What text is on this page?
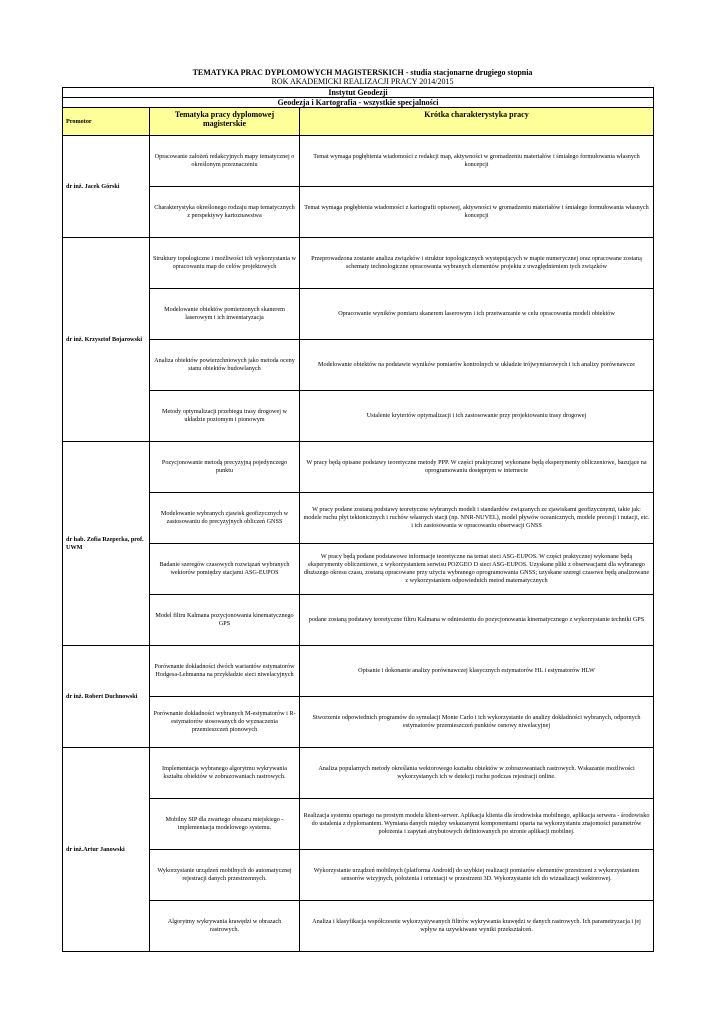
TEMATYKA PRAC DYPLOMOWYCH MAGISTERSKICH - studia stacjonarne drugiego stopnia
ROK AKADEMICKI REALIZACJI PRACY 2014/2015
Instytut Geodezji		
Geodezja i Kartografia - wszystkie specjalności		
Promotor	Tematyka pracy dyplomowej magisterskie	Krótka charakterystyka pracy
dr inż. Jacek Górski	Opracowanie założeń redakcyjnych mapy tematycznej o określonym przeznaczeniu	Temat wymaga pogłębienia wiadomości z redakcji map, aktywności w gromadzeniu materiałów i śmiałego formułowania własnych koncepcji
	Charakterystyka określonego rodzaju map tematycznych z perspektywy kartoznawstwa	Temat wymaga pogłębienia wiadomości z kartografii opisowej, aktywności w gromadzeniu materiałów i śmiałego formułowania własnych koncepcji
dr inż. Krzysztof Bojarowski	Struktury topologiczne i możliwości ich wykorzystania w opracowaniu map do celów projektowych	Przeprowadzona zostanie analiza związków i struktur topologicznych występujących w mapie numerycznej oraz opracowane zostaną schematy technologiczne opracowania wybranych elementów projektu z uwzględnieniem tych związków
	Modelowanie obiektów pomierzonych skanerem laserowym i ich inwentaryzacja	Opracowanie wyników pomiaru skanerem laserowym i ich przetwarzanie w celu opracowania modeli obiektów
	Analiza obiektów powierzchniowych jako metoda oceny stanu obiektów budowlanych	Modelowanie obiektów na podstawie wyników pomiarów kontrolnych w układzie trójwymiarowych i ich analizy porównawcze
	Metody optymalizacji przebiegu trasy drogowej w układzie poziomym i pionowym	Ustalenie kryteriów optymalizacji i ich zastosowanie przy projektowaniu trasy drogowej
dr hab. Zofia Rzepecka, prof. UWM	Pozycjonowanie metodą precyzyjną pojedynczego punktu	W pracy będą opisane podstawy teoretyczne metody PPP. W części praktycznej wykonane będą eksperymenty obliczeniowe, bazujące na oprogramowaniu dostępnym w internecie
	Modelowanie wybranych zjawisk geofizycznych w zastosowaniu do precyzyjnych obliczeń GNSS	W pracy podane zostaną podstawy teoretyczne wybranych modeli i standardów związanych ze zjawiskami geofizycznymi, takie jak: modele ruchu płyt tektonicznych i ruchów własnych stacji (np. NNR-NUVEL), model pływów oceanicznych, modele precesji i nutacji, etc. i ich zastosowania w opracowaniu obserwacji GNSS
	Badanie szeregów czasowych rozwiązań wybranych wektorów pomiędzy stacjami ASG-EUPOS	W pracy będą podane podstawowe informacje teoretyczne na temat sieci ASG-EUPOS. W części praktycznej wykonane będą eksperymenty obliczeniowe, z wykorzystaniem serwisu POZGEO D sieci ASG-EUPOS. Uzyskane pliki z obserwacjami dla wybranego dłuższego okresu czasu, zostaną opracowane przy użyciu wybranego oprogramowania GNSS; uzyskane szeregi czasowe będą analizowane z wykorzystaniem odpowiednich metod matematycznych
	Model filtru Kalmana pozycjonowania kinematycznego GPS	podane zostaną podstawy teoretyczne filtru Kalmana w odniesieniu do pozycjonowania kinematycznego z wykorzystanie techniki GPS
dr inż. Robert Duchnowski	Porównanie dokładności dwóch wariantów estymatorów Hodgesa-Lehmanna na przykładzie sieci niwelacyjnych	Opisanie i dokonanie analizy porównawczej klasycznych estymatorów HL i estymatorów HLW
	Porównanie dokładności wybranych M-estymatorów i R-estymatorów stosowanych do wyznaczenia przemieszczeń pionowych	Stworzenie odpowiednich programów do symulacji Monte Carlo i ich wykorzystanie do analizy dokładności wybranych, odpornych estymatorów przemieszczeń punktów osnowy niwelacyjnej
dr inż.Artur Janowski	Implementacja wybranego algorytmu wykrywania kształtu obiektów w zobrazowaniach rastrowych.	Analiza popularnych metody określania wektorowego kształtu obiektów w zobrazowaniach rastrowych. Wskazanie możliwości wykorzystanych ich w detekcji ruchu podczas rejestracji online.
	Mobilny SIP dla zwartego obszaru miejskiego - implementacja modelowego systemu.	Realizacja systemu opartego na prostym modelu klient-serwer. Aplikacja klienta dla środowiska mobilnego, aplikacja serwera - środowisko do ustalenia z dyplomantem. Wymiana danych między wskazanymi komponentami oparta na wykorzystaniu znajomości parametrów położenia i zapytań atrybutowych definiowanych po stronie aplikacji mobilnej.
	Wykorzystanie urządzeń mobilnych do automatycznej rejestracji danych przestrzennych.	Wykorzystanie urządzeń mobilnych (platforma Android) do szybkiej realizacji pomiarów elementów przestrzeni z wykorzystaniem sensorów wizyjnych, położenia i orientacji w przestrzeni 3D. Wykorzystanie ich do wizualizacji wektorowej.
	Algorytmy wykrywania krawędzi w obrazach rastrowych.	Analiza i klasyfikacja współczesnie wykorzystywanych filtrów wykrywania krawędzi w danych rastrowych. Ich parametryzacja i jej wpływ na uzywkiwane wyniki przekształceń.
